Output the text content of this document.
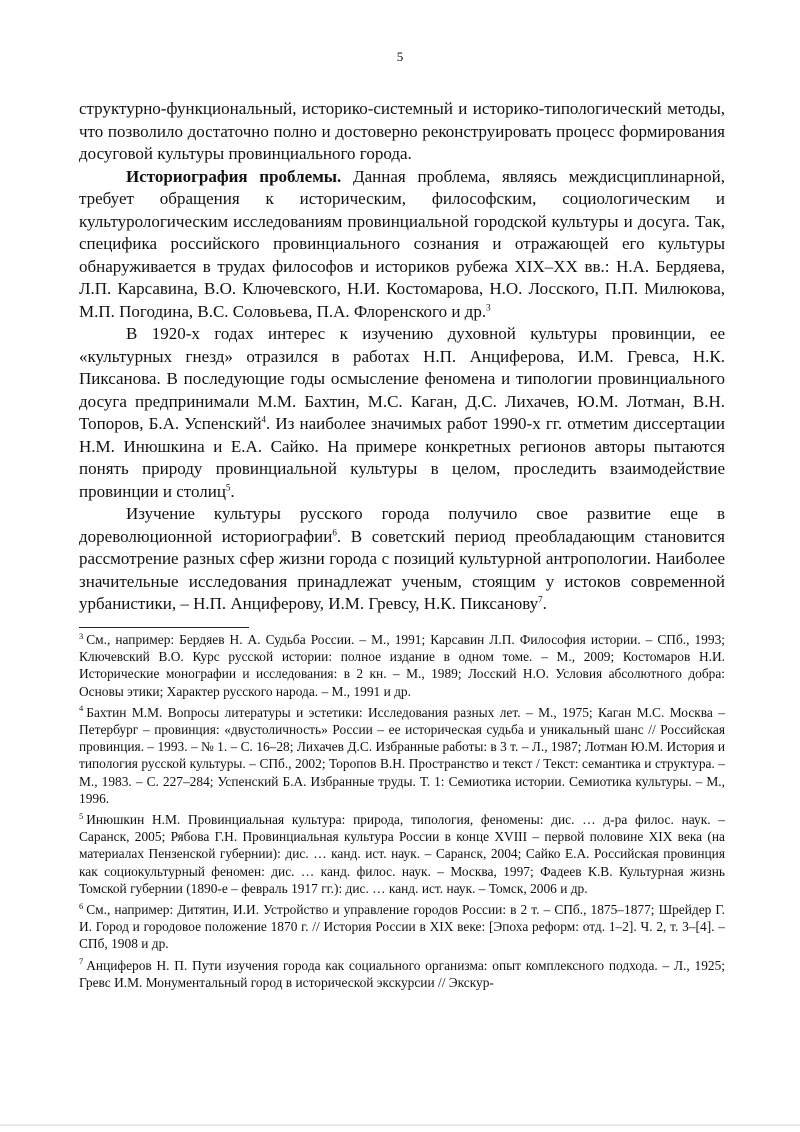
5

структурно-функциональный, историко-системный и историко-типологический методы, что позволило достаточно полно и достоверно реконструировать процесс формирования досуговой культуры провинциального города.

Историография проблемы. Данная проблема, являясь междисциплинарной, требует обращения к историческим, философским, социологическим и культурологическим исследованиям провинциальной городской культуры и досуга. Так, специфика российского провинциального сознания и отражающей его культуры обнаруживается в трудах философов и историков рубежа XIX–XX вв.: Н.А. Бердяева, Л.П. Карсавина, В.О. Ключевского, Н.И. Костомарова, Н.О. Лосского, П.П. Милюкова, М.П. Погодина, В.С. Соловьева, П.А. Флоренского и др.$^3$

В 1920-х годах интерес к изучению духовной культуры провинции, ее «культурных гнезд» отразился в работах Н.П. Анциферова, И.М. Гревса, Н.К. Пиксанова. В последующие годы осмысление феномена и типологии провинциального досуга предпринимали М.М. Бахтин, М.С. Каган, Д.С. Лихачев, Ю.М. Лотман, В.Н. Топоров, Б.А. Успенский$^4$. Из наиболее значимых работ 1990-х гг. отметим диссертации Н.М. Инюшкина и Е.А. Сайко. На примере конкретных регионов авторы пытаются понять природу провинциальной культуры в целом, проследить взаимодействие провинции и столиц$^5$.

Изучение культуры русского города получило свое развитие еще в дореволюционной историографии$^6$. В советский период преобладающим становится рассмотрение разных сфер жизни города с позиций культурной антропологии. Наиболее значительные исследования принадлежат ученым, стоящим у истоков современной урбанистики, – Н.П. Анциферову, И.М. Гревсу, Н.К. Пиксанову$^7$.

$^3$ См., например: Бердяев Н. А. Судьба России. – М., 1991; Карсавин Л.П. Философия истории. – СПб., 1993; Ключевский В.О. Курс русской истории: полное издание в одном томе. – М., 2009; Костомаров Н.И. Исторические монографии и исследования: в 2 кн. – М., 1989; Лосский Н.О. Условия абсолютного добра: Основы этики; Характер русского народа. – М., 1991 и др.

$^4$ Бахтин М.М. Вопросы литературы и эстетики: Исследования разных лет. – М., 1975; Каган М.С. Москва – Петербург – провинция: «двустоличность» России – ее историческая судьба и уникальный шанс // Российская провинция. – 1993. – № 1. – С. 16–28; Лихачев Д.С. Избранные работы: в 3 т. – Л., 1987; Лотман Ю.М. История и типология русской культуры. – СПб., 2002; Торопов В.Н. Пространство и текст / Текст: семантика и структура. – М., 1983. – С. 227–284; Успенский Б.А. Избранные труды. Т. 1: Семиотика истории. Семиотика культуры. – М., 1996.

$^5$ Инюшкин Н.М. Провинциальная культура: природа, типология, феномены: дис. … д-ра филос. наук. – Саранск, 2005; Рябова Г.Н. Провинциальная культура России в конце XVIII – первой половине XIX века (на материалах Пензенской губернии): дис. … канд. ист. наук. – Саранск, 2004; Сайко Е.А. Российская провинция как социокультурный феномен: дис. … канд. филос. наук. – Москва, 1997; Фадеев К.В. Культурная жизнь Томской губернии (1890-е – февраль 1917 гг.): дис. … канд. ист. наук. – Томск, 2006 и др.

$^6$ См., например: Дитятин, И.И. Устройство и управление городов России: в 2 т. – СПб., 1875–1877; Шрейдер Г. И. Город и городовое положение 1870 г. // История России в XIX веке: [Эпоха реформ: отд. 1–2]. Ч. 2, т. 3–[4]. – СПб, 1908 и др.

$^7$ Анциферов Н. П. Пути изучения города как социального организма: опыт комплексного подхода. – Л., 1925; Гревс И.М. Монументальный город в исторической экскурсии // Экскур-
